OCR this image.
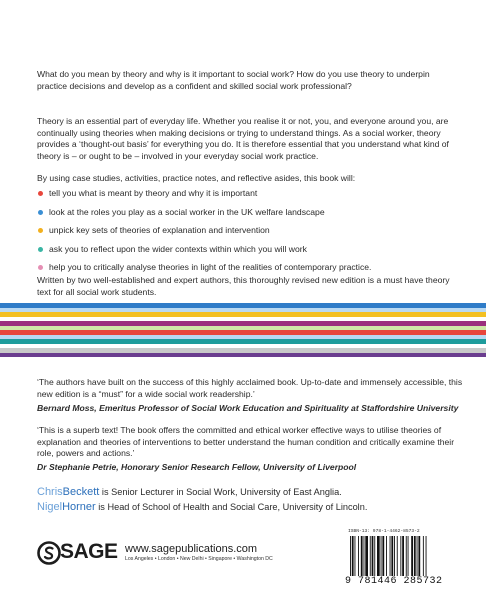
What do you mean by theory and why is it important to social work? How do you use theory to underpin practice decisions and develop as a confident and skilled social work professional?

Theory is an essential part of everyday life. Whether you realise it or not, you, and everyone around you, are continually using theories when making decisions or trying to understand things. As a social worker, theory provides a ‘thought-out basis’ for everything you do. It is therefore essential that you understand what kind of theory is – or ought to be – involved in your everyday social work practice.

By using case studies, activities, practice notes, and reflective asides, this book will:

tell you what is meant by theory and why it is important
look at the roles you play as a social worker in the UK welfare landscape
unpick key sets of theories of explanation and intervention
ask you to reflect upon the wider contexts within which you will work
help you to critically analyse theories in light of the realities of contemporary practice.

Written by two well-established and expert authors, this thoroughly revised new edition is a must have theory text for all social work students.

‘The authors have built on the success of this highly acclaimed book. Up-to-date and immensely accessible, this new edition is a “must” for a wide social work readership.’

Bernard Moss, Emeritus Professor of Social Work Education and Spirituality at Staffordshire University

‘This is a superb text! The book offers the committed and ethical worker effective ways to utilise theories of explanation and theories of interventions to better understand the human condition and critically examine their role, powers and actions.’

Dr Stephanie Petrie, Honorary Senior Research Fellow, University of Liverpool

ChrisBeckett is Senior Lecturer in Social Work, University of East Anglia.
NigelHorner is Head of School of Health and Social Care, University of Lincoln.
SAGE www.sagepublications.com
Los Angeles • London • New Delhi • Singapore • Washington DC
ISBN-13: 978-1-4462-8573-2
9 781446 285732
